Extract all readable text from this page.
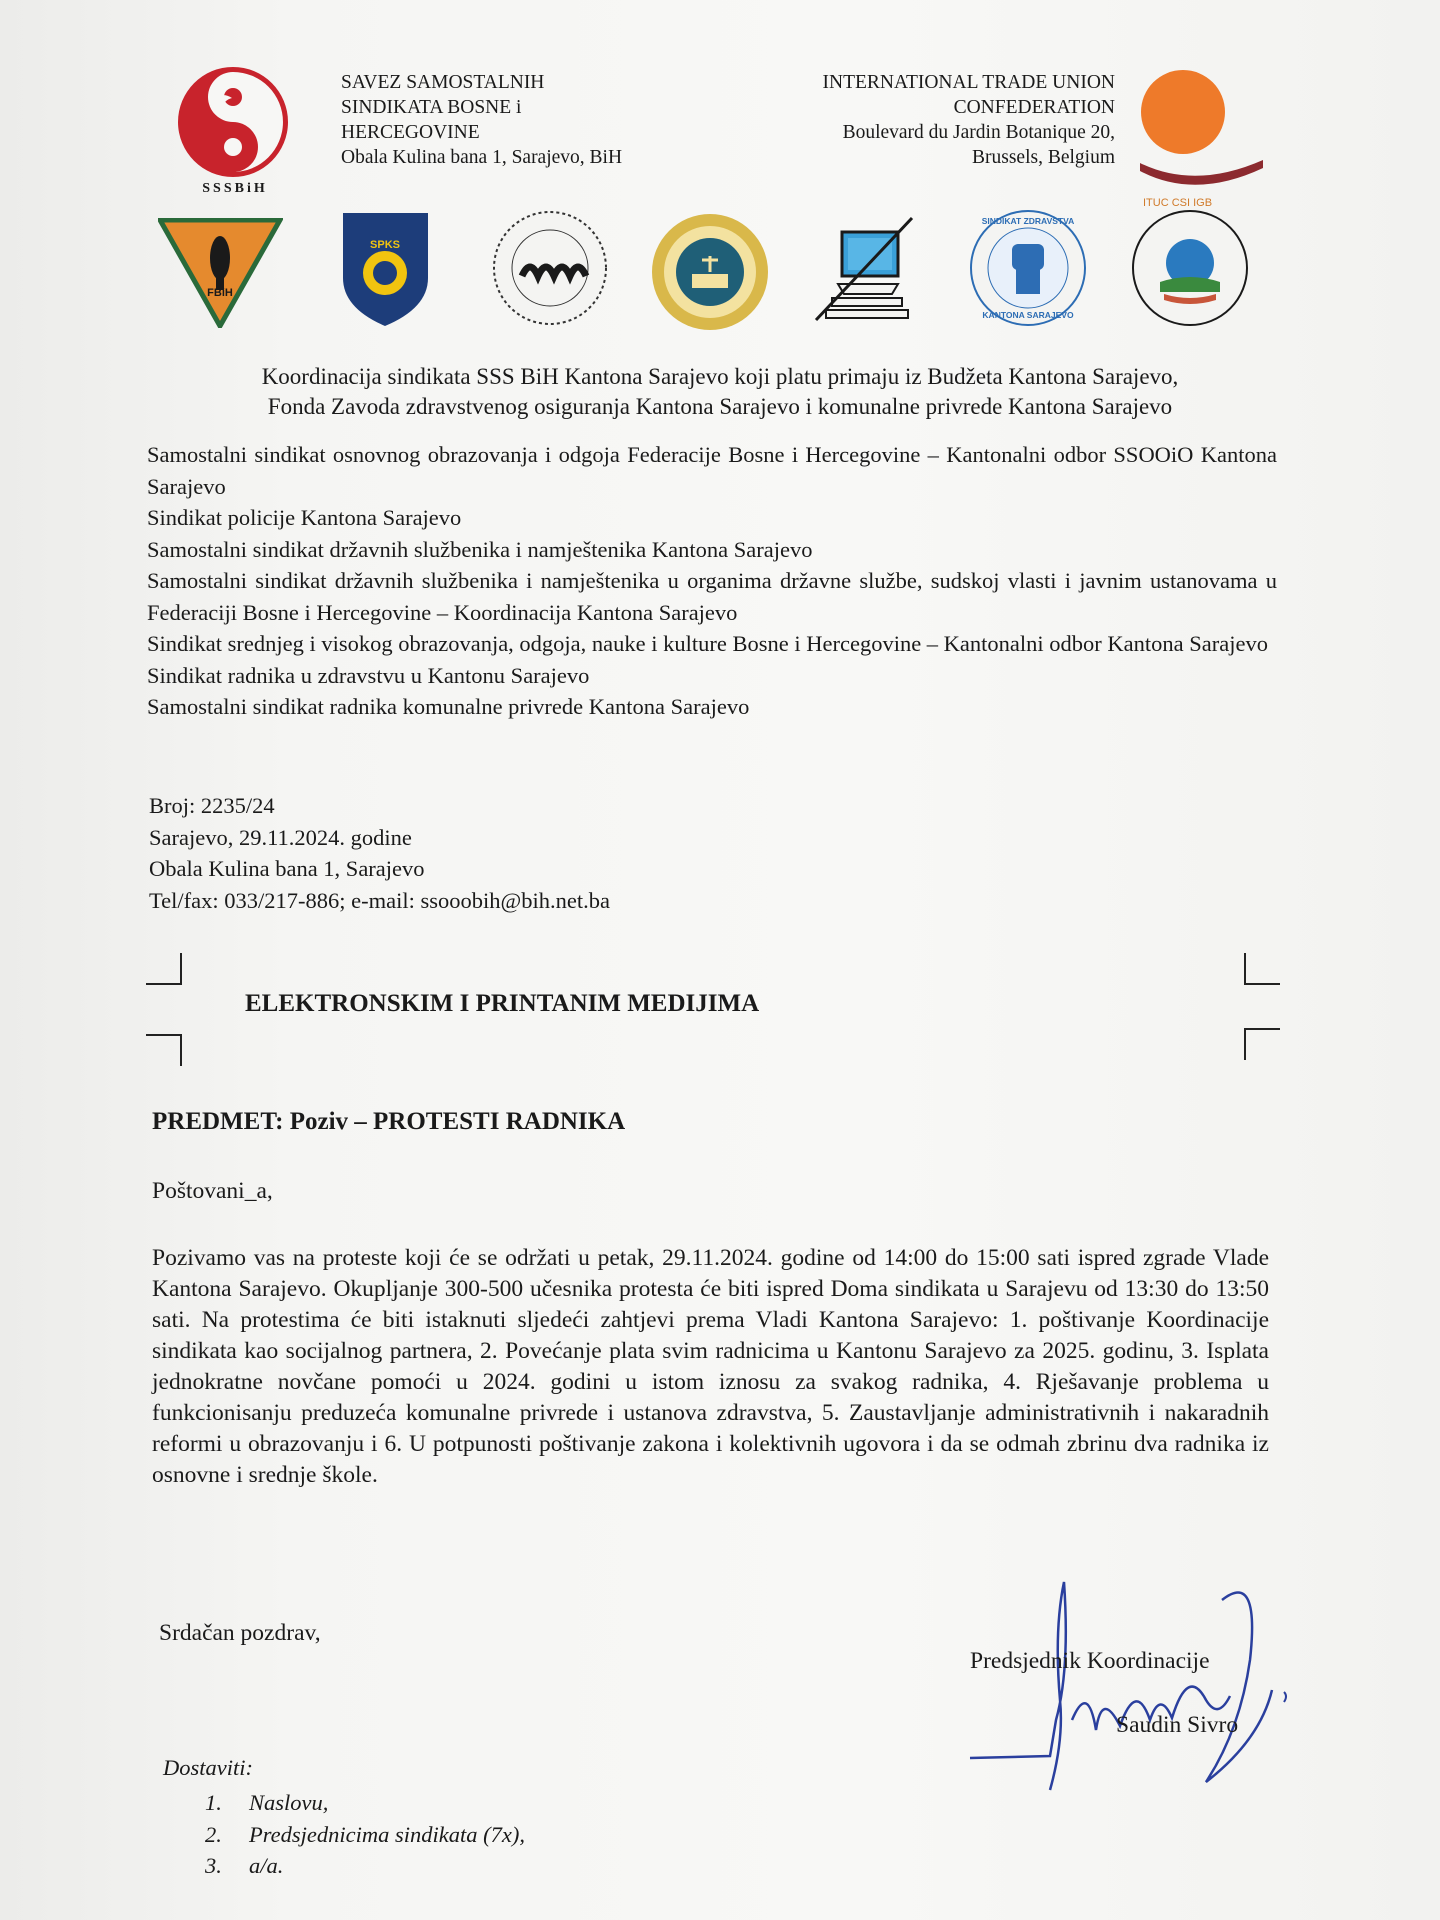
SSSBiH
SAVEZ SAMOSTALNIH
SINDIKATA BOSNE i
HERCEGOVINE
Obala Kulina bana 1, Sarajevo, BiH
INTERNATIONAL TRADE UNION
CONFEDERATION
Boulevard du Jardin Botanique 20,
Brussels, Belgium
ITUC CSI IGB
FBiH
SPKS
SINDIKAT ZDRAVSTVA
KANTONA SARAJEVO
Koordinacija sindikata SSS BiH Kantona Sarajevo koji platu primaju iz Budžeta Kantona Sarajevo,
Fonda Zavoda zdravstvenog osiguranja Kantona Sarajevo i komunalne privrede Kantona Sarajevo
Samostalni sindikat osnovnog obrazovanja i odgoja Federacije Bosne i Hercegovine – Kantonalni odbor SSOOiO Kantona Sarajevo
Sindikat policije Kantona Sarajevo
Samostalni sindikat državnih službenika i namještenika Kantona Sarajevo
Samostalni sindikat državnih službenika i namještenika u organima državne službe, sudskoj vlasti i javnim ustanovama u Federaciji Bosne i Hercegovine – Koordinacija Kantona Sarajevo
Sindikat srednjeg i visokog obrazovanja, odgoja, nauke i kulture Bosne i Hercegovine – Kantonalni odbor Kantona Sarajevo
Sindikat radnika u zdravstvu u Kantonu Sarajevo
Samostalni sindikat radnika komunalne privrede Kantona Sarajevo
Broj: 2235/24
Sarajevo, 29.11.2024. godine
Obala Kulina bana 1, Sarajevo
Tel/fax: 033/217-886; e-mail: ssooobih@bih.net.ba
ELEKTRONSKIM I PRINTANIM MEDIJIMA
PREDMET: Poziv – PROTESTI RADNIKA
Poštovani_a,
Pozivamo vas na proteste koji će se održati u petak, 29.11.2024. godine od 14:00 do 15:00 sati ispred zgrade Vlade Kantona Sarajevo. Okupljanje 300-500 učesnika protesta će biti ispred Doma sindikata u Sarajevu od 13:30 do 13:50 sati. Na protestima će biti istaknuti sljedeći zahtjevi prema Vladi Kantona Sarajevo: 1. poštivanje Koordinacije sindikata kao socijalnog partnera, 2. Povećanje plata svim radnicima u Kantonu Sarajevo za 2025. godinu, 3. Isplata jednokratne novčane pomoći u 2024. godini u istom iznosu za svakog radnika, 4. Rješavanje problema u funkcionisanju preduzeća komunalne privrede i ustanova zdravstva, 5. Zaustavljanje administrativnih i nakaradnih reformi u obrazovanju i 6. U potpunosti poštivanje zakona i kolektivnih ugovora i da se odmah zbrinu dva radnika iz osnovne i srednje škole.
Srdačan pozdrav,
Predsjednik Koordinacije
Saudin Sivro
Dostaviti:
1. Naslovu,
2. Predsjednicima sindikata (7x),
3. a/a.
